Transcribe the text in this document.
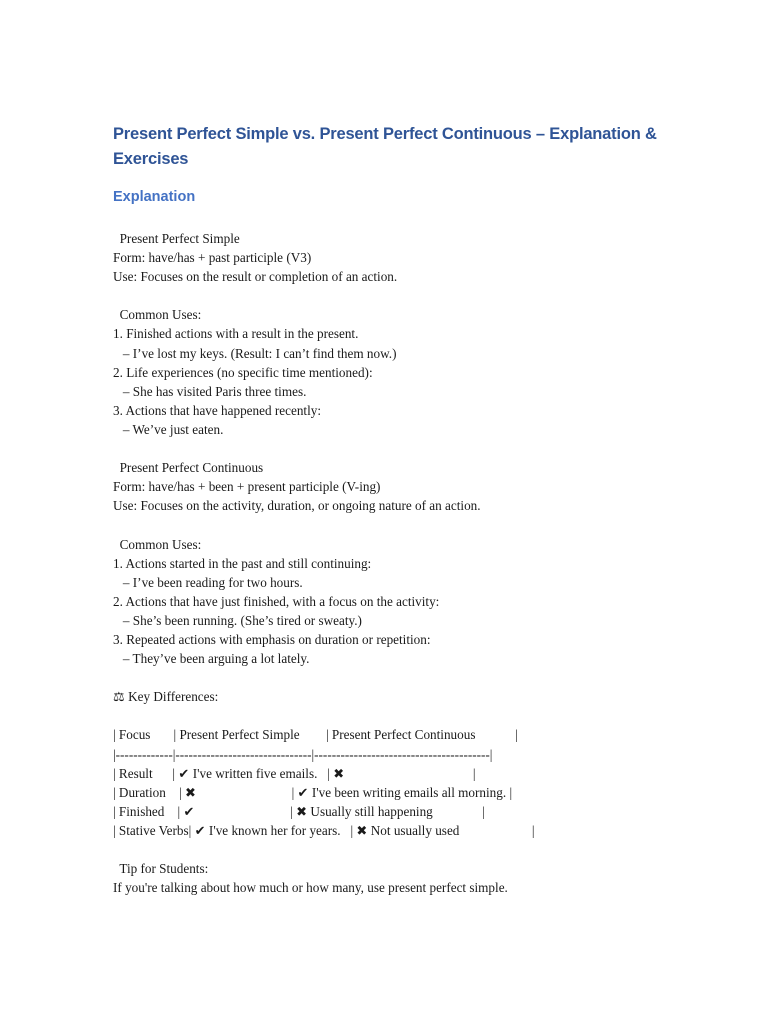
Present Perfect Simple vs. Present Perfect Continuous – Explanation & Exercises
Explanation
Present Perfect Simple
Form: have/has + past participle (V3)
Use: Focuses on the result or completion of an action.
Common Uses:
1. Finished actions with a result in the present.
– I’ve lost my keys. (Result: I can’t find them now.)
2. Life experiences (no specific time mentioned):
– She has visited Paris three times.
3. Actions that have happened recently:
– We’ve just eaten.
Present Perfect Continuous
Form: have/has + been + present participle (V-ing)
Use: Focuses on the activity, duration, or ongoing nature of an action.
Common Uses:
1. Actions started in the past and still continuing:
– I’ve been reading for two hours.
2. Actions that have just finished, with a focus on the activity:
– She’s been running. (She’s tired or sweaty.)
3. Repeated actions with emphasis on duration or repetition:
– They’ve been arguing a lot lately.
⚖ Key Differences:
| Focus       | Present Perfect Simple        | Present Perfect Continuous            |
|-------------|-------------------------------|----------------------------------------|
| Result      | ✔ I've written five emails.   | ✖                                       |
| Duration    | ✖                             | ✔ I've been writing emails all morning. |
| Finished    | ✔                             | ✖ Usually still happening               |
| Stative Verbs| ✔ I've known her for years.   | ✖ Not usually used                      |
Tip for Students:
If you're talking about how much or how many, use present perfect simple.
